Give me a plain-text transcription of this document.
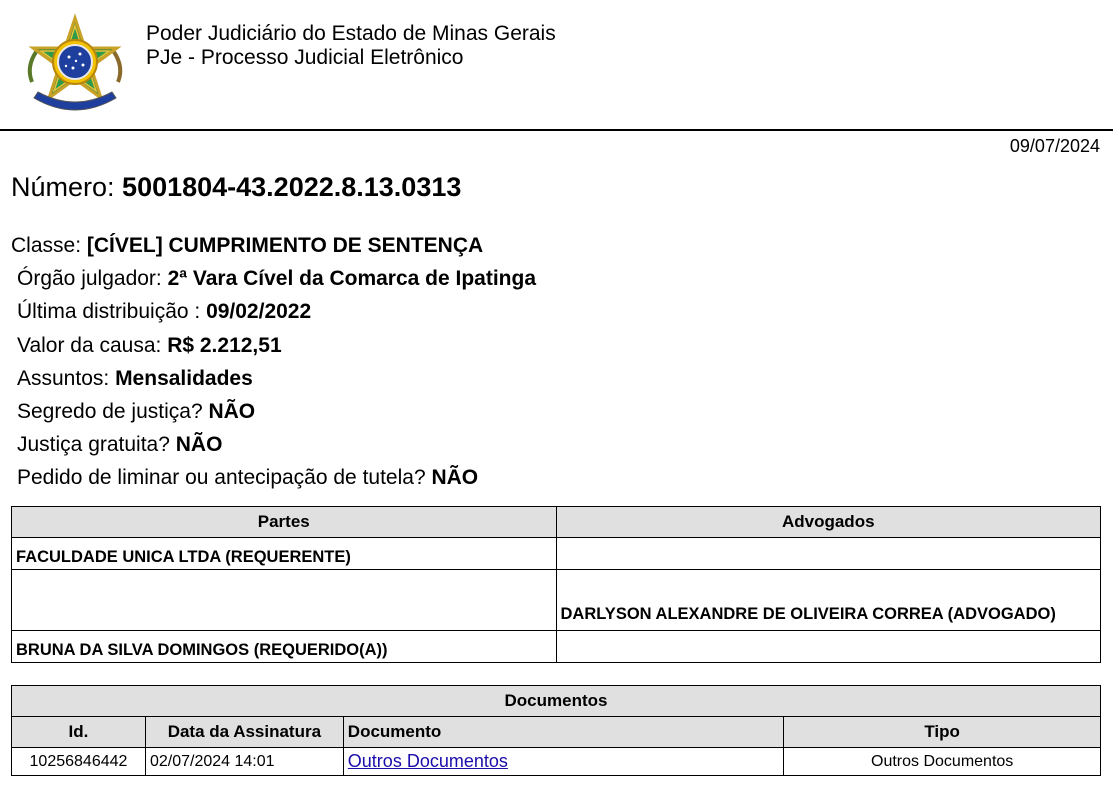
Poder Judiciário do Estado de Minas Gerais
PJe - Processo Judicial Eletrônico
09/07/2024
Número: 5001804-43.2022.8.13.0313
Classe: [CÍVEL] CUMPRIMENTO DE SENTENÇA
Órgão julgador: 2ª Vara Cível da Comarca de Ipatinga
Última distribuição : 09/02/2022
Valor da causa: R$ 2.212,51
Assuntos: Mensalidades
Segredo de justiça? NÃO
Justiça gratuita? NÃO
Pedido de liminar ou antecipação de tutela? NÃO
Partes	Advogados
FACULDADE UNICA LTDA (REQUERENTE)	
	DARLYSON ALEXANDRE DE OLIVEIRA CORREA (ADVOGADO)
BRUNA DA SILVA DOMINGOS (REQUERIDO(A))	
Documentos			
Id.	Data da Assinatura	Documento	Tipo
10256846442	02/07/2024 14:01	Outros Documentos	Outros Documentos
